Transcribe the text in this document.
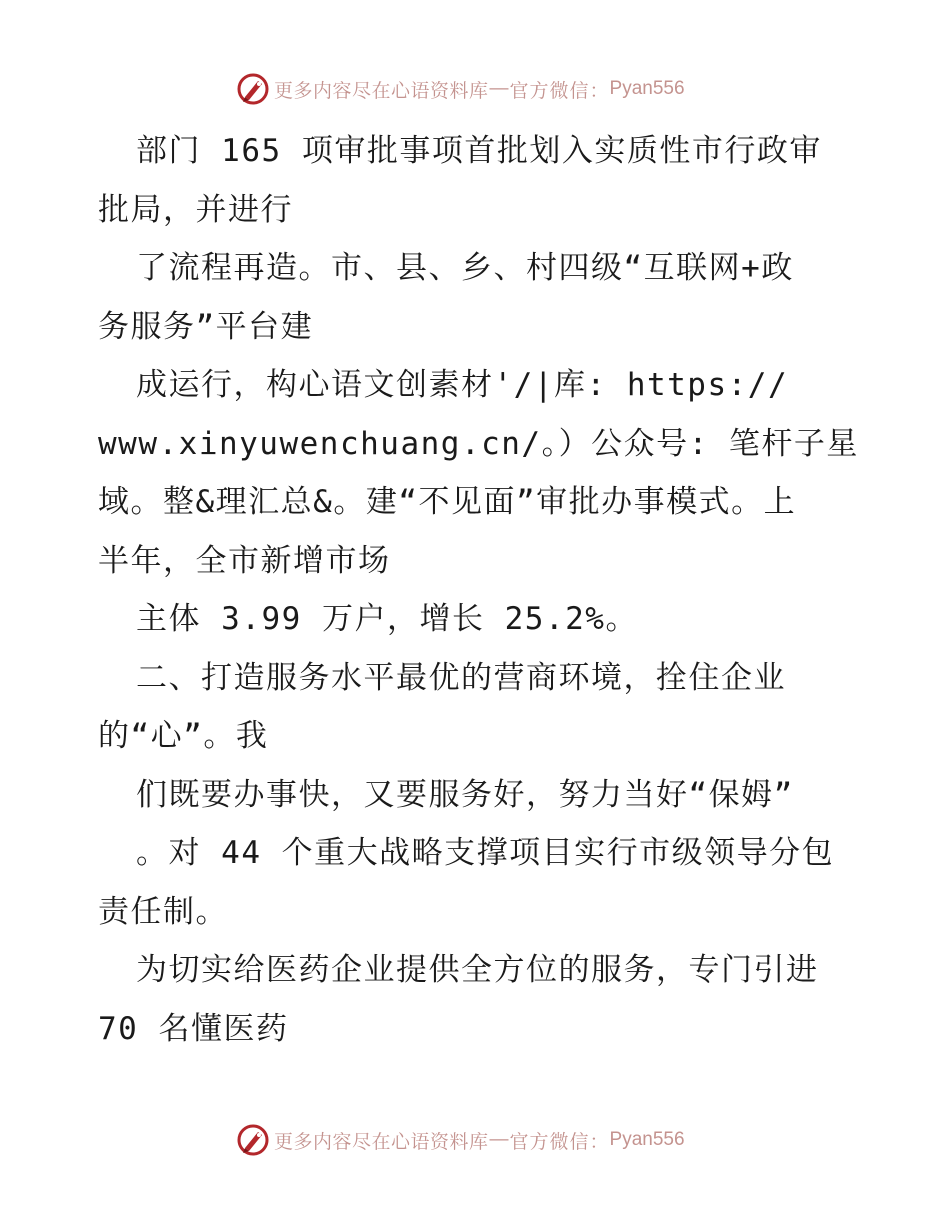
更多内容尽在心语资料库 — 官方微信： Pyan556
部门 165 项审批事项首批划入实质性市行政审
批局，并进行
了流程再造。市、县、乡、村四级“互联网+政
务服务”平台建
成运行，构心语文创素材'/|库: https://
www.xinyuwenchuang.cn/。）公众号: 笔杆子星
域。整&理汇总&。建“不见面”审批办事模式。上
半年，全市新增市场
主体 3.99 万户，增长 25.2%。
二、打造服务水平最优的营商环境，拴住企业
的“心”。我
们既要办事快，又要服务好，努力当好“保姆”
。对 44 个重大战略支撑项目实行市级领导分包
责任制。
为切实给医药企业提供全方位的服务，专门引进
70 名懂医药
更多内容尽在心语资料库 — 官方微信： Pyan556
